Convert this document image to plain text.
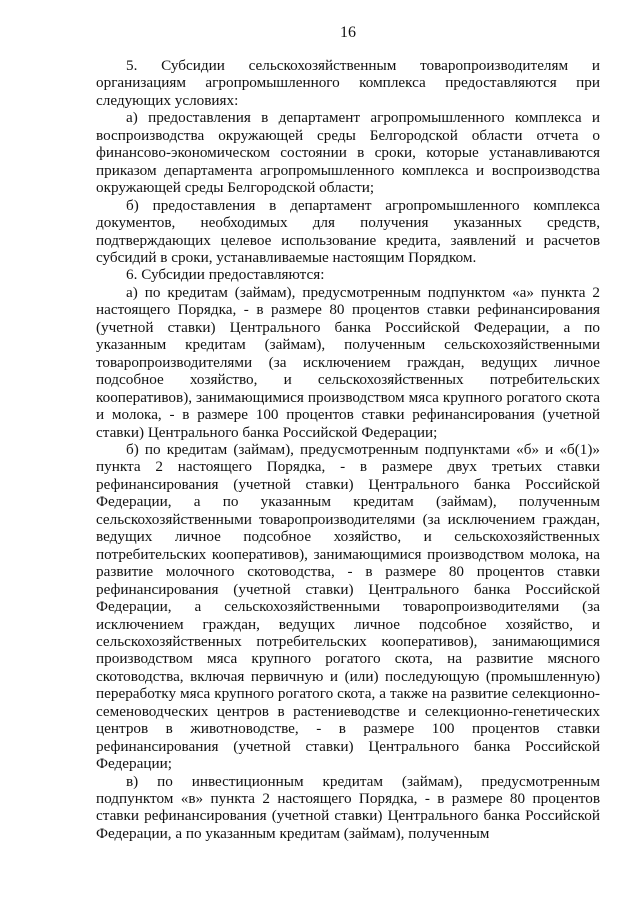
16

5. Субсидии сельскохозяйственным товаропроизводителям и организациям агропромышленного комплекса предоставляются при следующих условиях:

а) предоставления в департамент агропромышленного комплекса и воспроизводства окружающей среды Белгородской области отчета о финансово-экономическом состоянии в сроки, которые устанавливаются приказом департамента агропромышленного комплекса и воспроизводства окружающей среды Белгородской области;

б) предоставления в департамент агропромышленного комплекса документов, необходимых для получения указанных средств, подтверждающих целевое использование кредита, заявлений и расчетов субсидий в сроки, устанавливаемые настоящим Порядком.

6. Субсидии предоставляются:

а) по кредитам (займам), предусмотренным подпунктом «а» пункта 2 настоящего Порядка, - в размере 80 процентов ставки рефинансирования (учетной ставки) Центрального банка Российской Федерации, а по указанным кредитам (займам), полученным сельскохозяйственными товаропроизводителями (за исключением граждан, ведущих личное подсобное хозяйство, и сельскохозяйственных потребительских кооперативов), занимающимися производством мяса крупного рогатого скота и молока, - в размере 100 процентов ставки рефинансирования (учетной ставки) Центрального банка Российской Федерации;

б) по кредитам (займам), предусмотренным подпунктами «б» и «б(1)» пункта 2 настоящего Порядка, - в размере двух третьих ставки рефинансирования (учетной ставки) Центрального банка Российской Федерации, а по указанным кредитам (займам), полученным сельскохозяйственными товаропроизводителями (за исключением граждан, ведущих личное подсобное хозяйство, и сельскохозяйственных потребительских кооперативов), занимающимися производством молока, на развитие молочного скотоводства, - в размере 80 процентов ставки рефинансирования (учетной ставки) Центрального банка Российской Федерации, а сельскохозяйственными товаропроизводителями (за исключением граждан, ведущих личное подсобное хозяйство, и сельскохозяйственных потребительских кооперативов), занимающимися производством мяса крупного рогатого скота, на развитие мясного скотоводства, включая первичную и (или) последующую (промышленную) переработку мяса крупного рогатого скота, а также на развитие селекционно-семеноводческих центров в растениеводстве и селекционно-генетических центров в животноводстве, - в размере 100 процентов ставки рефинансирования (учетной ставки) Центрального банка Российской Федерации;

в) по инвестиционным кредитам (займам), предусмотренным подпунктом «в» пункта 2 настоящего Порядка, - в размере 80 процентов ставки рефинансирования (учетной ставки) Центрального банка Российской Федерации, а по указанным кредитам (займам), полученным
